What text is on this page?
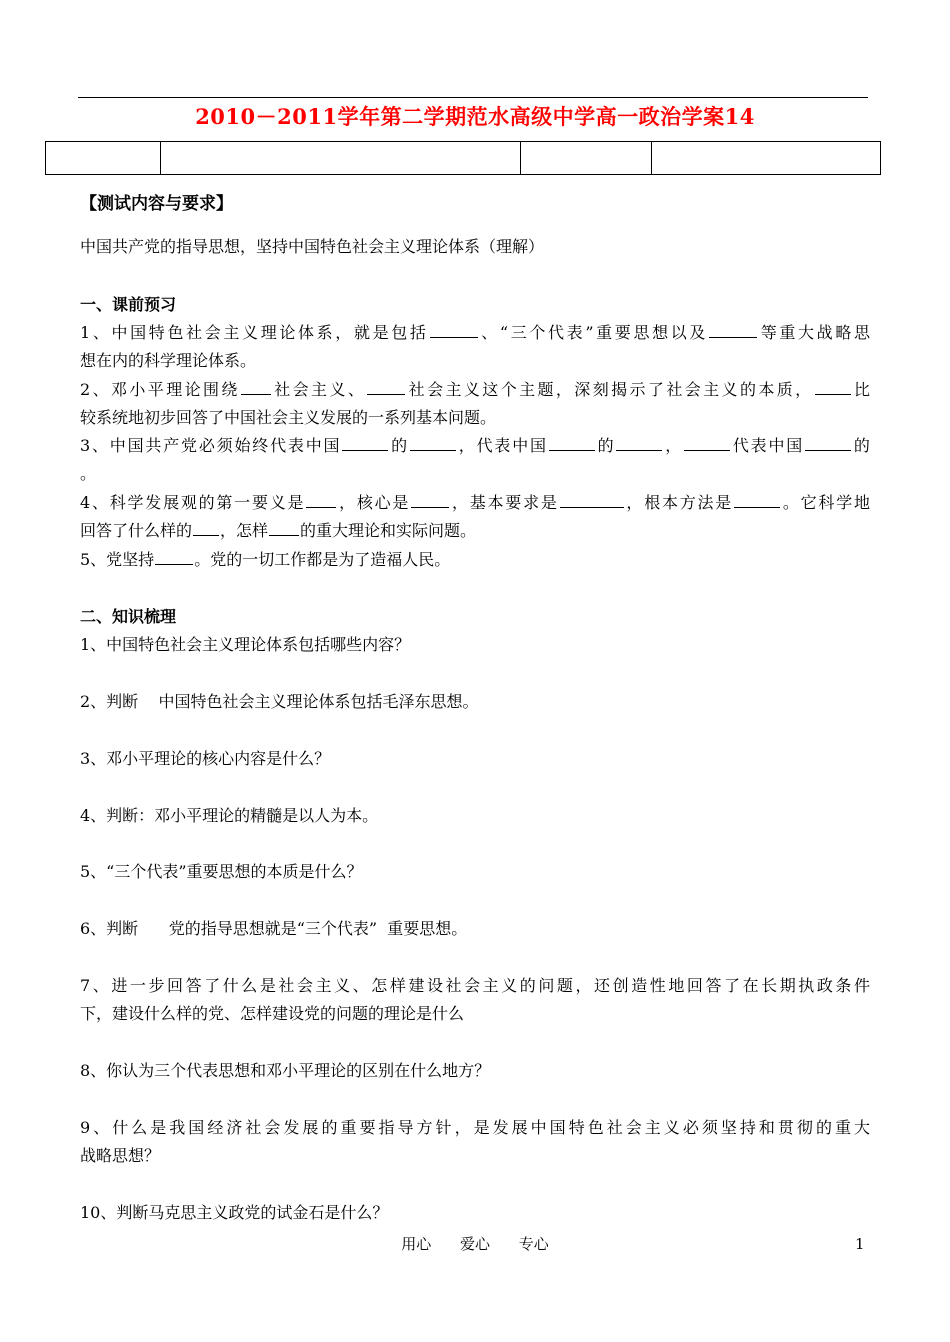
2010－2011学年第二学期范水高级中学高一政治学案14

【测试内容与要求】
中国共产党的指导思想，坚持中国特色社会主义理论体系（理解）
一、课前预习
1、中国特色社会主义理论体系，就是包括	、“三个代表”重要思想以及	等重大战略思
想在内的科学理论体系。
2、邓小平理论围绕 社会主义、	社会主义这个主题，深刻揭示了社会主义的本质， 比
较系统地初步回答了中国社会主义发展的一系列基本问题。
3、中国共产党必须始终代表中国	的	，代表中国	的	，	代表中国	的
。
4、科学发展观的第一要义是 ，核心是	，基本要求是	，根本方法是	。它科学地
回答了什么样的 ，怎样 的重大理论和实际问题。
5、党坚持	。党的一切工作都是为了造福人民。
二、知识梳理
1、中国特色社会主义理论体系包括哪些内容？
2、判断    中国特色社会主义理论体系包括毛泽东思想。
3、邓小平理论的核心内容是什么？
4、判断：邓小平理论的精髓是以人为本。
5、“三个代表”重要思想的本质是什么？
6、判断      党的指导思想就是“三个代表”  重要思想。
7、进一步回答了什么是社会主义、怎样建设社会主义的问题，还创造性地回答了在长期执政条件
下，建设什么样的党、怎样建设党的问题的理论是什么
8、你认为三个代表思想和邓小平理论的区别在什么地方？
9、什么是我国经济社会发展的重要指导方针，是发展中国特色社会主义必须坚持和贯彻的重大
战略思想？
10、判断马克思主义政党的试金石是什么？
用心 爱心 专心	1
